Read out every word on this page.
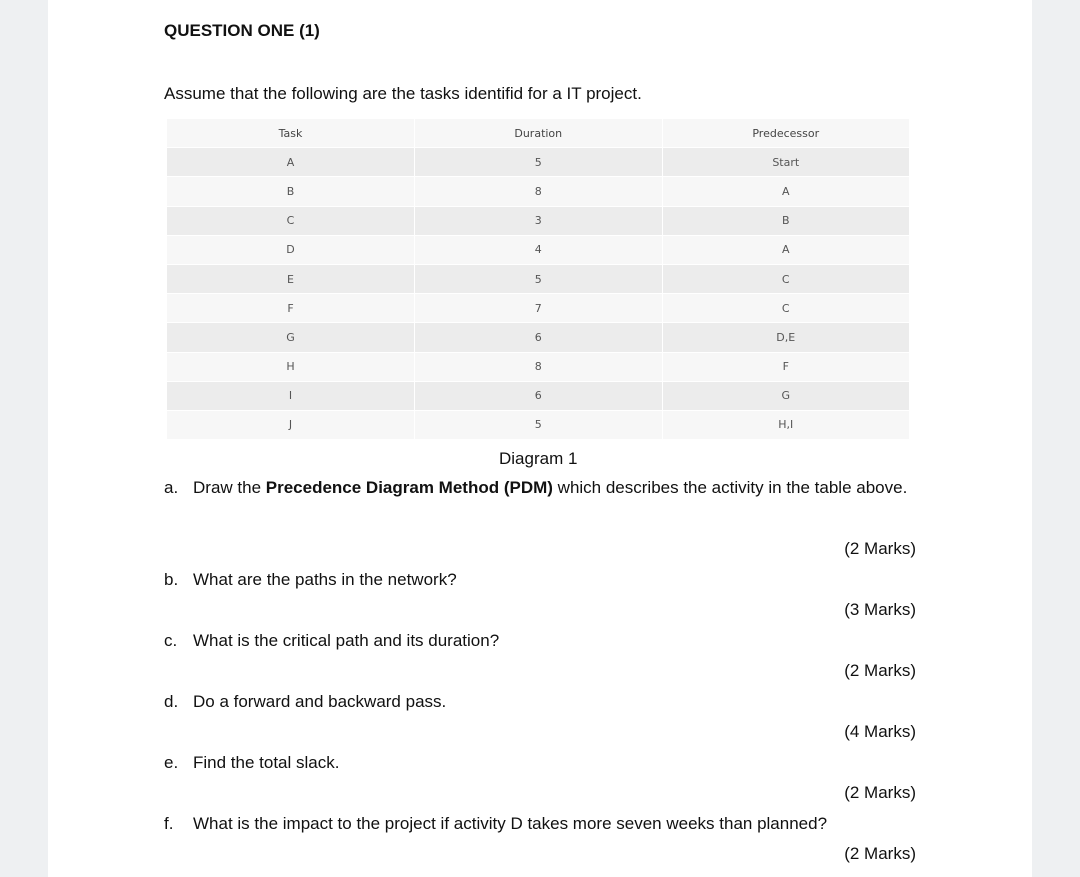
QUESTION ONE (1)
Assume that the following are the tasks identifid for a IT project.
Task	Duration	Predecessor
A	5	Start
B	8	A
C	3	B
D	4	A
E	5	C
F	7	C
G	6	D,E
H	8	F
I	6	G
J	5	H,I
Diagram 1
a. Draw the Precedence Diagram Method (PDM) which describes the activity in the table above.
(2 Marks)
b. What are the paths in the network?
(3 Marks)
c. What is the critical path and its duration?
(2 Marks)
d. Do a forward and backward pass.
(4 Marks)
e. Find the total slack.
(2 Marks)
f. What is the impact to the project if activity D takes more seven weeks than planned?
(2 Marks)
